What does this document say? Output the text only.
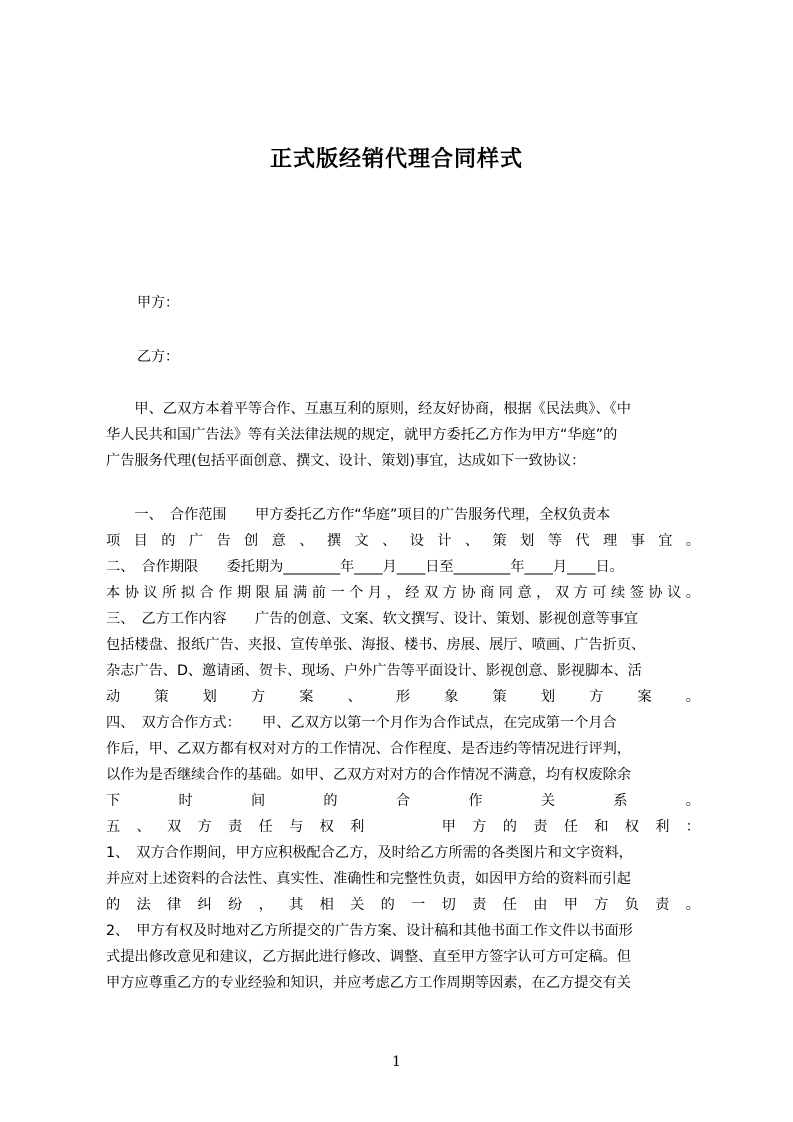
正式版经销代理合同样式
甲方：
乙方：
　　甲、乙双方本着平等合作、互惠互利的原则，经友好协商，根据《民法典》、《中
华人民共和国广告法》等有关法律法规的规定，就甲方委托乙方作为甲方“华庭”的
广告服务代理(包括平面创意、撰文、设计、策划)事宜，达成如下一致协议：
　　一、　合作范围　　甲方委托乙方作“华庭”项目的广告服务代理，全权负责本
项目的广告创意、撰文、设计、策划等代理事宜。
二、　合作期限　　委托期为________年____月____日至________年____月____日。
本协议所拟合作期限届满前一个月，经双方协商同意，双方可续签协议。
三、　乙方工作内容　　广告的创意、文案、软文撰写、设计、策划、影视创意等事宜
包括楼盘、报纸广告、夹报、宣传单张、海报、楼书、房展、展厅、喷画、广告折页、
杂志广告、D、邀请函、贺卡、现场、户外广告等平面设计、影视创意、影视脚本、活
动策划方案、形象策划方案。
四、　双方合作方式：　　甲、乙双方以第一个月作为合作试点，在完成第一个月合
作后，甲、乙双方都有权对对方的工作情况、合作程度、是否违约等情况进行评判，
以作为是否继续合作的基础。如甲、乙双方对对方的合作情况不满意，均有权废除余
下时间的合作关系。
五、双方责任与权利　　甲方的责任和权利：
1、　双方合作期间，甲方应积极配合乙方，及时给乙方所需的各类图片和文字资料，
并应对上述资料的合法性、真实性、准确性和完整性负责，如因甲方给的资料而引起
的法律纠纷，其相关的一切责任由甲方负责。
2、　甲方有权及时地对乙方所提交的广告方案、设计稿和其他书面工作文件以书面形
式提出修改意见和建议，乙方据此进行修改、调整、直至甲方签字认可方可定稿。但
甲方应尊重乙方的专业经验和知识，并应考虑乙方工作周期等因素，在乙方提交有关
1
